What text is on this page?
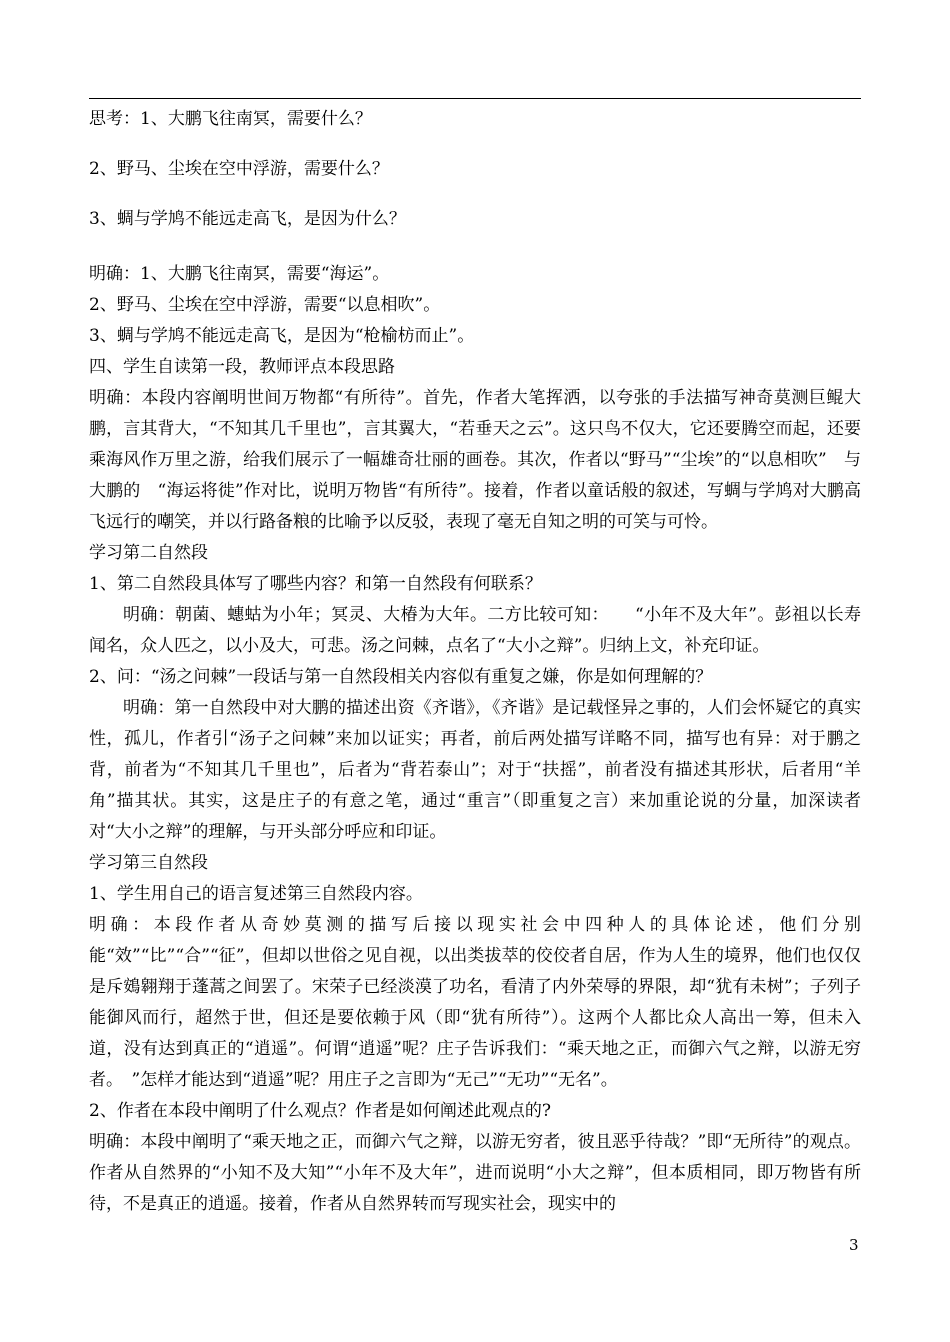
思考：1、大鹏飞往南冥，需要什么？

2、野马、尘埃在空中浮游，需要什么？

3、蜩与学鸠不能远走高飞，是因为什么？

明确：1、大鹏飞往南冥，需要“海运”。

2、野马、尘埃在空中浮游，需要“以息相吹”。

3、蜩与学鸠不能远走高飞，是因为“枪榆枋而止”。

四、学生自读第一段，教师评点本段思路

明确：本段内容阐明世间万物都“有所待”。首先，作者大笔挥洒，以夸张的手法描写神奇莫测巨鲲大鹏，言其背大，“不知其几千里也”，言其翼大，“若垂天之云”。这只鸟不仅大，它还要腾空而起，还要乘海风作万里之游，给我们展示了一幅雄奇壮丽的画卷。其次，作者以“野马”“尘埃”的“以息相吹”　与大鹏的　“海运将徙”作对比，说明万物皆“有所待”。接着，作者以童话般的叙述，写蜩与学鸠对大鹏高飞远行的嘲笑，并以行路备粮的比喻予以反驳，表现了毫无自知之明的可笑与可怜。

学习第二自然段

1、第二自然段具体写了哪些内容？和第一自然段有何联系？

明确：朝菌、蟪蛄为小年；冥灵、大椿为大年。二方比较可知：　　“小年不及大年”。彭祖以长寿闻名，众人匹之，以小及大，可悲。汤之问棘，点名了“大小之辩”。归纳上文，补充印证。

2、问：“汤之问棘”一段话与第一自然段相关内容似有重复之嫌，你是如何理解的？

明确：第一自然段中对大鹏的描述出资《齐谐》，《齐谐》是记载怪异之事的，人们会怀疑它的真实性，孤儿，作者引“汤子之问棘”来加以证实；再者，前后两处描写详略不同，描写也有异：对于鹏之背，前者为“不知其几千里也”，后者为“背若泰山”；对于“扶摇”，前者没有描述其形状，后者用“羊角”描其状。其实，这是庄子的有意之笔，通过“重言”（即重复之言）来加重论说的分量，加深读者对“大小之辩”的理解，与开头部分呼应和印证。

学习第三自然段

1、学生用自己的语言复述第三自然段内容。

明确：本段作者从奇妙莫测的描写后接以现实社会中四种人的具体论述，他们分别能“效”“比”“合”“征”，但却以世俗之见自视，以出类拔萃的佼佼者自居，作为人生的境界，他们也仅仅是斥鴳翱翔于蓬蒿之间罢了。宋荣子已经淡漠了功名，看清了内外荣辱的界限，却“犹有未树”；子列子能御风而行，超然于世，但还是要依赖于风（即“犹有所待”）。这两个人都比众人高出一筹，但未入道，没有达到真正的“逍遥”。何谓“逍遥”呢？庄子告诉我们：“乘天地之正，而御六气之辩，以游无穷者。　”怎样才能达到“逍遥”呢？用庄子之言即为“无己”“无功”“无名”。

2、作者在本段中阐明了什么观点？作者是如何阐述此观点的?

明确：本段中阐明了“乘天地之正，而御六气之辩，以游无穷者，彼且恶乎待哉？”即“无所待”的观点。作者从自然界的“小知不及大知”“小年不及大年”，进而说明“小大之辩”，但本质相同，即万物皆有所待，不是真正的逍遥。接着，作者从自然界转而写现实社会，现实中的

3
